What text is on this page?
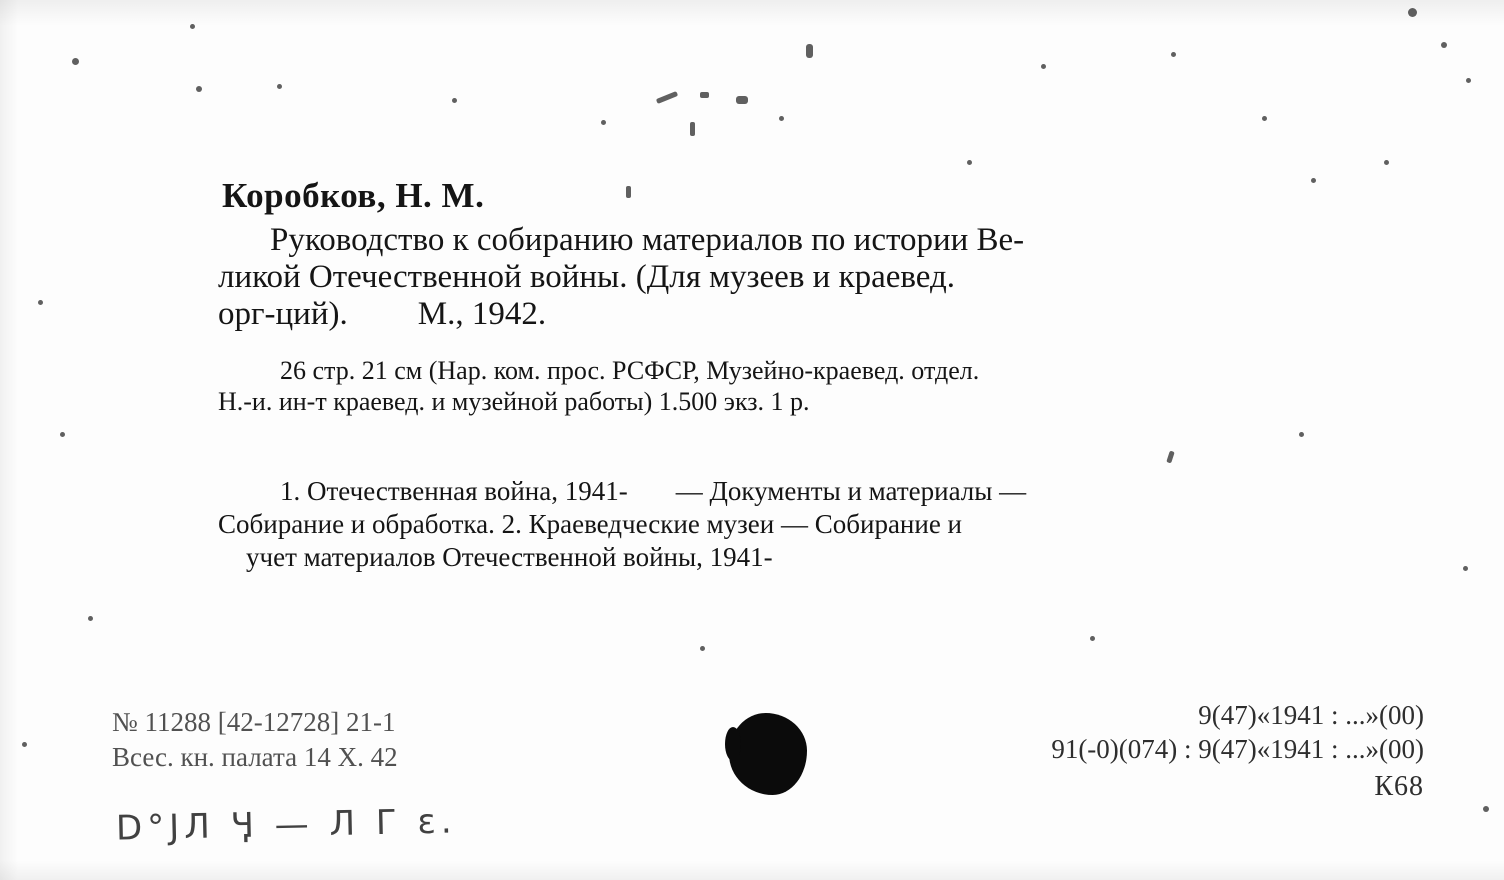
Коробков, Н. М.
Руководство к собиранию материалов по истории Ве-
ликой Отечественной войны. (Для музеев и краевед.
орг-ций). М., 1942.
26 стр. 21 см (Нар. ком. прос. РСФСР, Музейно-краевед. отдел.
Н.-и. ин-т краевед. и музейной работы) 1.500 экз. 1 р.
1. Отечественная война, 1941- — Документы и материалы —
Собирание и обработка. 2. Краеведческие музеи — Собирание и
учет материалов Отечественной войны, 1941-
№ 11288 [42-12728] 21-1
Всес. кн. палата 14 X. 42
D°ЈЛ Ӌ — Л Г ԑ.
9(47)«1941 : ...»(00)
91(-0)(074) : 9(47)«1941 : ...»(00)
К68
